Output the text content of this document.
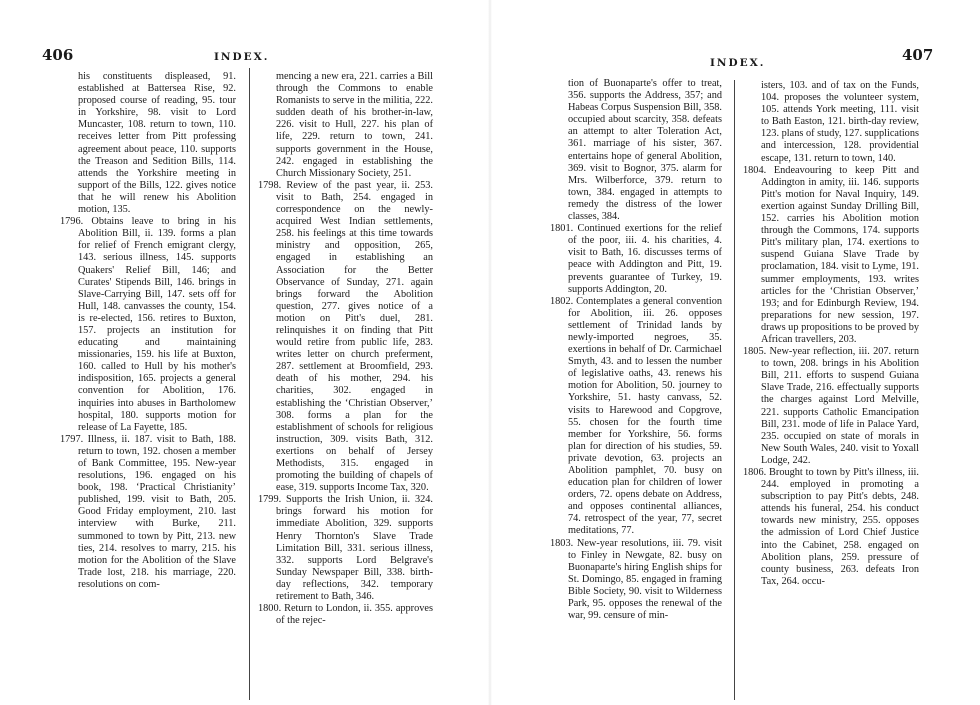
406	INDEX.
his constituents displeased, 91. established at Battersea Rise, 92. proposed course of reading, 95. tour in Yorkshire, 98. visit to Lord Muncaster, 108. return to town, 110. receives letter from Pitt professing agreement about peace, 110. supports the Treason and Sedition Bills, 114. attends the Yorkshire meeting in support of the Bills, 122. gives notice that he will renew his Abolition motion, 135.
1796. Obtains leave to bring in his Abolition Bill, ii. 139. forms a plan for relief of French emigrant clergy, 143. serious illness, 145. supports Quakers' Relief Bill, 146; and Curates' Stipends Bill, 146. brings in Slave-Carrying Bill, 147. sets off for Hull, 148. canvasses the county, 154. is re-elected, 156. retires to Buxton, 157. projects an institution for educating and maintaining missionaries, 159. his life at Buxton, 160. called to Hull by his mother's indisposition, 165. projects a general convention for Abolition, 176. inquiries into abuses in Bartholomew hospital, 180. supports motion for release of La Fayette, 185.
1797. Illness, ii. 187. visit to Bath, 188. return to town, 192. chosen a member of Bank Committee, 195. New-year resolutions, 196. engaged on his book, 198. ‘Practical Christianity’ published, 199. visit to Bath, 205. Good Friday employment, 210. last interview with Burke, 211. summoned to town by Pitt, 213. new ties, 214. resolves to marry, 215. his motion for the Abolition of the Slave Trade lost, 218. his marriage, 220. resolutions on com-
mencing a new era, 221. carries a Bill through the Commons to enable Romanists to serve in the militia, 222. sudden death of his brother-in-law, 226. visit to Hull, 227. his plan of life, 229. return to town, 241. supports government in the House, 242. engaged in establishing the Church Missionary Society, 251.
1798. Review of the past year, ii. 253. visit to Bath, 254. engaged in correspondence on the newly-acquired West Indian settlements, 258. his feelings at this time towards ministry and opposition, 265, engaged in establishing an Association for the Better Observance of Sunday, 271. again brings forward the Abolition question, 277. gives notice of a motion on Pitt's duel, 281. relinquishes it on finding that Pitt would retire from public life, 283. writes letter on church preferment, 287. settlement at Broomfield, 293. death of his mother, 294. his charities, 302. engaged in establishing the ‘Christian Observer,’ 308. forms a plan for the establishment of schools for religious instruction, 309. visits Bath, 312. exertions on behalf of Jersey Methodists, 315. engaged in promoting the building of chapels of ease, 319. supports Income Tax, 320.
1799. Supports the Irish Union, ii. 324. brings forward his motion for immediate Abolition, 329. supports Henry Thornton's Slave Trade Limitation Bill, 331. serious illness, 332. supports Lord Belgrave's Sunday Newspaper Bill, 338. birth-day reflections, 342. temporary retirement to Bath, 346.
1800. Return to London, ii. 355. approves of the rejec-
407
INDEX.
tion of Buonaparte's offer to treat, 356. supports the Address, 357; and Habeas Corpus Suspension Bill, 358. occupied about scarcity, 358. defeats an attempt to alter Toleration Act, 361. marriage of his sister, 367. entertains hope of general Abolition, 369. visit to Bognor, 375. alarm for Mrs. Wilberforce, 379. return to town, 384. engaged in attempts to remedy the distress of the lower classes, 384.
1801. Continued exertions for the relief of the poor, iii. 4. his charities, 4. visit to Bath, 16. discusses terms of peace with Addington and Pitt, 19. prevents guarantee of Turkey, 19. supports Addington, 20.
1802. Contemplates a general convention for Abolition, iii. 26. opposes settlement of Trinidad lands by newly-imported negroes, 35. exertions in behalf of Dr. Carmichael Smyth, 43. and to lessen the number of legislative oaths, 43. renews his motion for Abolition, 50. journey to Yorkshire, 51. hasty canvass, 52. visits to Harewood and Copgrove, 55. chosen for the fourth time member for Yorkshire, 56. forms plan for direction of his studies, 59. private devotion, 63. projects an Abolition pamphlet, 70. busy on education plan for children of lower orders, 72. opens debate on Address, and opposes continental alliances, 74. retrospect of the year, 77, secret meditations, 77.
1803. New-year resolutions, iii. 79. visit to Finley in Newgate, 82. busy on Buonaparte's hiring English ships for St. Domingo, 85. engaged in framing Bible Society, 90. visit to Wilderness Park, 95. opposes the renewal of the war, 99. censure of min-
isters, 103. and of tax on the Funds, 104. proposes the volunteer system, 105. attends York meeting, 111. visit to Bath Easton, 121. birth-day review, 123. plans of study, 127. supplications and intercession, 128. providential escape, 131. return to town, 140.
1804. Endeavouring to keep Pitt and Addington in amity, iii. 146. supports Pitt's motion for Naval Inquiry, 149. exertion against Sunday Drilling Bill, 152. carries his Abolition motion through the Commons, 174. supports Pitt's military plan, 174. exertions to suspend Guiana Slave Trade by proclamation, 184. visit to Lyme, 191. summer employments, 193. writes articles for the ‘Christian Observer,’ 193; and for Edinburgh Review, 194. preparations for new session, 197. draws up propositions to be proved by African travellers, 203.
1805. New-year reflection, iii. 207. return to town, 208. brings in his Abolition Bill, 211. efforts to suspend Guiana Slave Trade, 216. effectually supports the charges against Lord Melville, 221. supports Catholic Emancipation Bill, 231. mode of life in Palace Yard, 235. occupied on state of morals in New South Wales, 240. visit to Yoxall Lodge, 242.
1806. Brought to town by Pitt's illness, iii. 244. employed in promoting a subscription to pay Pitt's debts, 248. attends his funeral, 254. his conduct towards new ministry, 255. opposes the admission of Lord Chief Justice into the Cabinet, 258. engaged on Abolition plans, 259. pressure of county business, 263. defeats Iron Tax, 264. occu-
